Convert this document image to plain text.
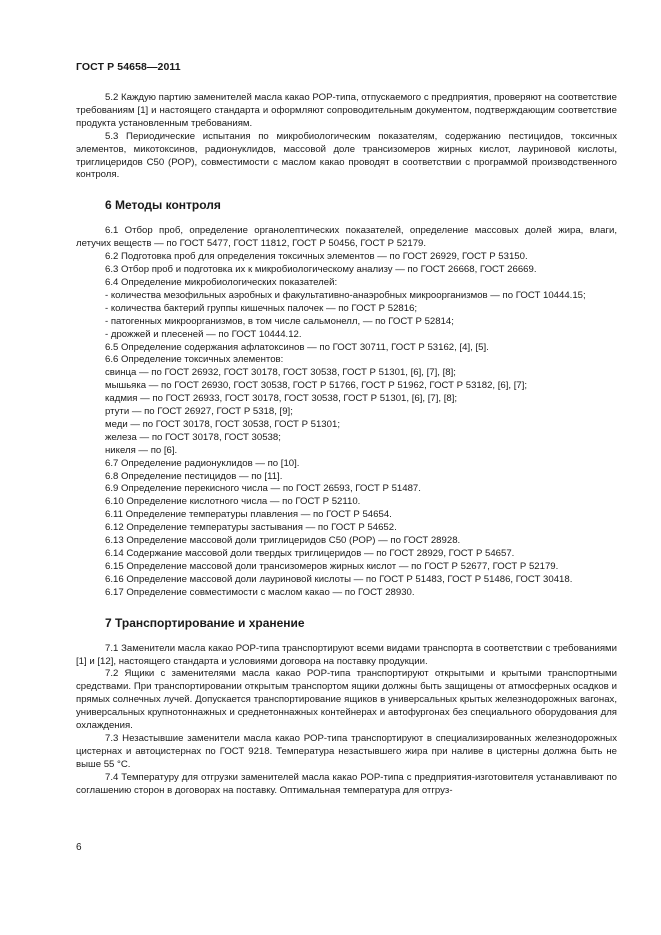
ГОСТ Р 54658—2011

5.2 Каждую партию заменителей масла какао РОР-типа, отпускаемого с предприятия, проверяют на соответствие требованиям [1] и настоящего стандарта и оформляют сопроводительным документом, подтверждающим соответствие продукта установленным требованиям.

5.3 Периодические испытания по микробиологическим показателям, содержанию пестицидов, токсичных элементов, микотоксинов, радионуклидов, массовой доле трансизомеров жирных кислот, лауриновой кислоты, триглицеридов С50 (РОР), совместимости с маслом какао проводят в соответствии с программой производственного контроля.

6 Методы контроля

6.1 Отбор проб, определение органолептических показателей, определение массовых долей жира, влаги, летучих веществ — по ГОСТ 5477, ГОСТ 11812, ГОСТ Р 50456, ГОСТ Р 52179.

6.2 Подготовка проб для определения токсичных элементов — по ГОСТ 26929, ГОСТ Р 53150.

6.3 Отбор проб и подготовка их к микробиологическому анализу — по ГОСТ 26668, ГОСТ 26669.

6.4 Определение микробиологических показателей:

- количества мезофильных аэробных и факультативно-анаэробных микроорганизмов — по ГОСТ 10444.15;

- количества бактерий группы кишечных палочек — по ГОСТ Р 52816;

- патогенных микроорганизмов, в том числе сальмонелл, — по ГОСТ Р 52814;

- дрожжей и плесеней — по ГОСТ 10444.12.

6.5 Определение содержания афлатоксинов — по ГОСТ 30711, ГОСТ Р 53162, [4], [5].

6.6 Определение токсичных элементов:

свинца — по ГОСТ 26932, ГОСТ 30178, ГОСТ 30538, ГОСТ Р 51301, [6], [7], [8];

мышьяка — по ГОСТ 26930, ГОСТ 30538, ГОСТ Р 51766, ГОСТ Р 51962, ГОСТ Р 53182, [6], [7];

кадмия — по ГОСТ 26933, ГОСТ 30178, ГОСТ 30538, ГОСТ Р 51301, [6], [7], [8];

ртути — по ГОСТ 26927, ГОСТ Р 5318, [9];

меди — по ГОСТ 30178, ГОСТ 30538, ГОСТ Р 51301;

железа — по ГОСТ 30178, ГОСТ 30538;

никеля — по [6].

6.7 Определение радионуклидов — по [10].

6.8 Определение пестицидов — по [11].

6.9 Определение перекисного числа — по ГОСТ 26593, ГОСТ Р 51487.

6.10 Определение кислотного числа — по ГОСТ Р 52110.

6.11 Определение температуры плавления — по ГОСТ Р 54654.

6.12 Определение температуры застывания — по ГОСТ Р 54652.

6.13 Определение массовой доли триглицеридов С50 (РОР) — по ГОСТ 28928.

6.14 Содержание массовой доли твердых триглицеридов — по ГОСТ 28929, ГОСТ Р 54657.

6.15 Определение массовой доли трансизомеров жирных кислот — по ГОСТ Р 52677, ГОСТ Р 52179.

6.16 Определение массовой доли лауриновой кислоты — по ГОСТ Р 51483, ГОСТ Р 51486, ГОСТ 30418.

6.17 Определение совместимости с маслом какао — по ГОСТ 28930.

7 Транспортирование и хранение

7.1 Заменители масла какао РОР-типа транспортируют всеми видами транспорта в соответствии с требованиями [1] и [12], настоящего стандарта и условиями договора на поставку продукции.

7.2 Ящики с заменителями масла какао РОР-типа транспортируют открытыми и крытыми транспортными средствами. При транспортировании открытым транспортом ящики должны быть защищены от атмосферных осадков и прямых солнечных лучей. Допускается транспортирование ящиков в универсальных крытых железнодорожных вагонах, универсальных крупнотоннажных и среднетоннажных контейнерах и автофургонах без специального оборудования для охлаждения.

7.3 Незастывшие заменители масла какао РОР-типа транспортируют в специализированных железнодорожных цистернах и автоцистернах по ГОСТ 9218. Температура незастывшего жира при наливе в цистерны должна быть не выше 55 °С.

7.4 Температуру для отгрузки заменителей масла какао РОР-типа с предприятия-изготовителя устанавливают по соглашению сторон в договорах на поставку. Оптимальная температура для отгруз-

6
